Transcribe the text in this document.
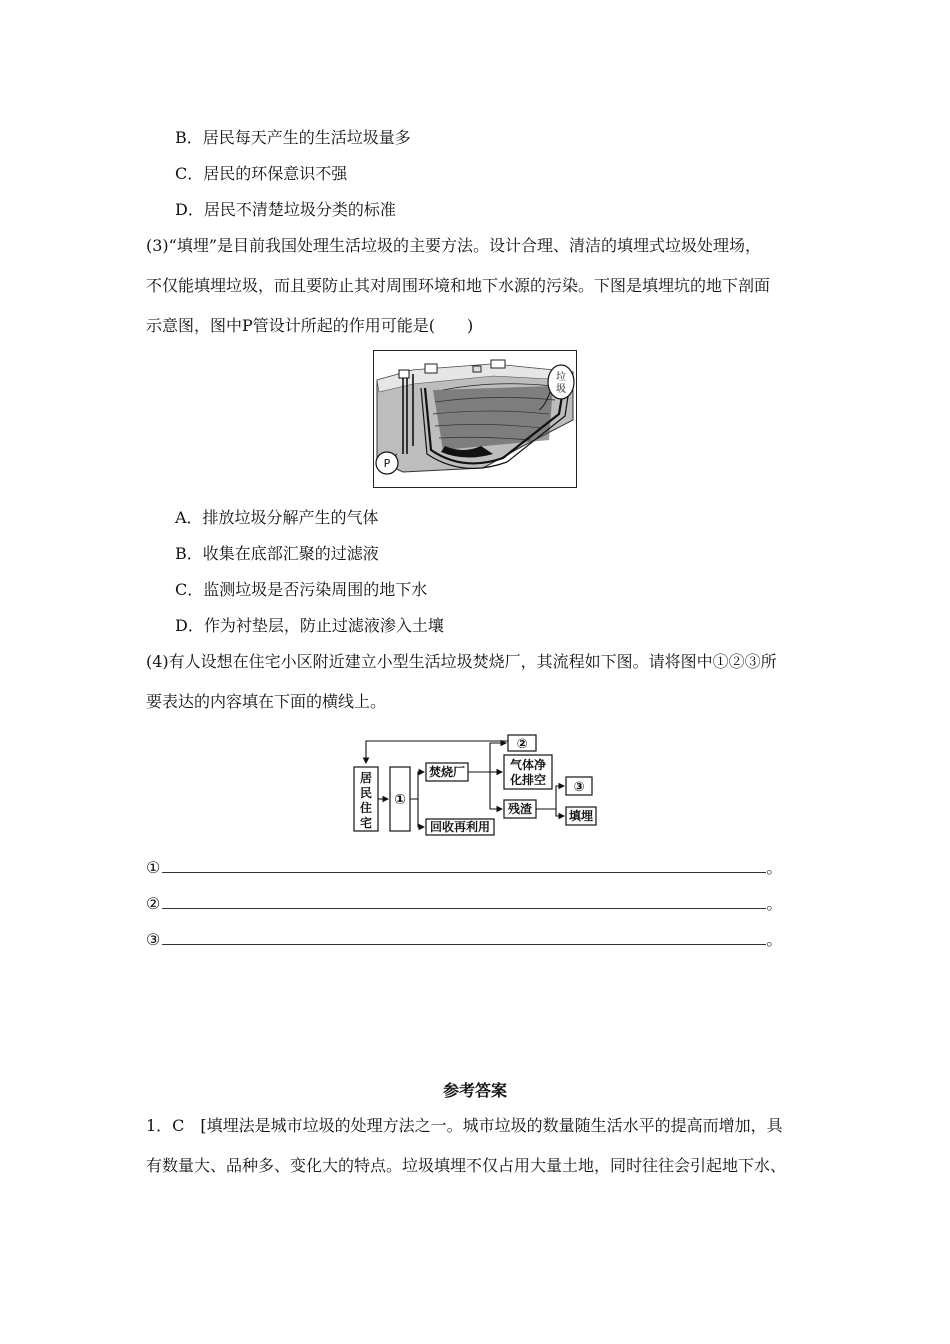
B．居民每天产生的生活垃圾量多
C．居民的环保意识不强
D．居民不清楚垃圾分类的标准
(3)“填埋”是目前我国处理生活垃圾的主要方法。设计合理、清洁的填埋式垃圾处理场，
不仅能填埋垃圾，而且要防止其对周围环境和地下水源的污染。下图是填埋坑的地下剖面
示意图，图中P管设计所起的作用可能是(　　)
P
垃
圾
A．排放垃圾分解产生的气体
B．收集在底部汇聚的过滤液
C．监测垃圾是否污染周围的地下水
D．作为衬垫层，防止过滤液渗入土壤
(4)有人设想在住宅小区附近建立小型生活垃圾焚烧厂，其流程如下图。请将图中①②③所
要表达的内容填在下面的横线上。
居
民
住
宅
①
焚烧厂
②
气体净
化排空 ③
残渣	填埋
回收再利用
①	。
②	。
③	。
参考答案
1．C　[填埋法是城市垃圾的处理方法之一。城市垃圾的数量随生活水平的提高而增加，具
有数量大、品种多、变化大的特点。垃圾填埋不仅占用大量土地，同时往往会引起地下水、
